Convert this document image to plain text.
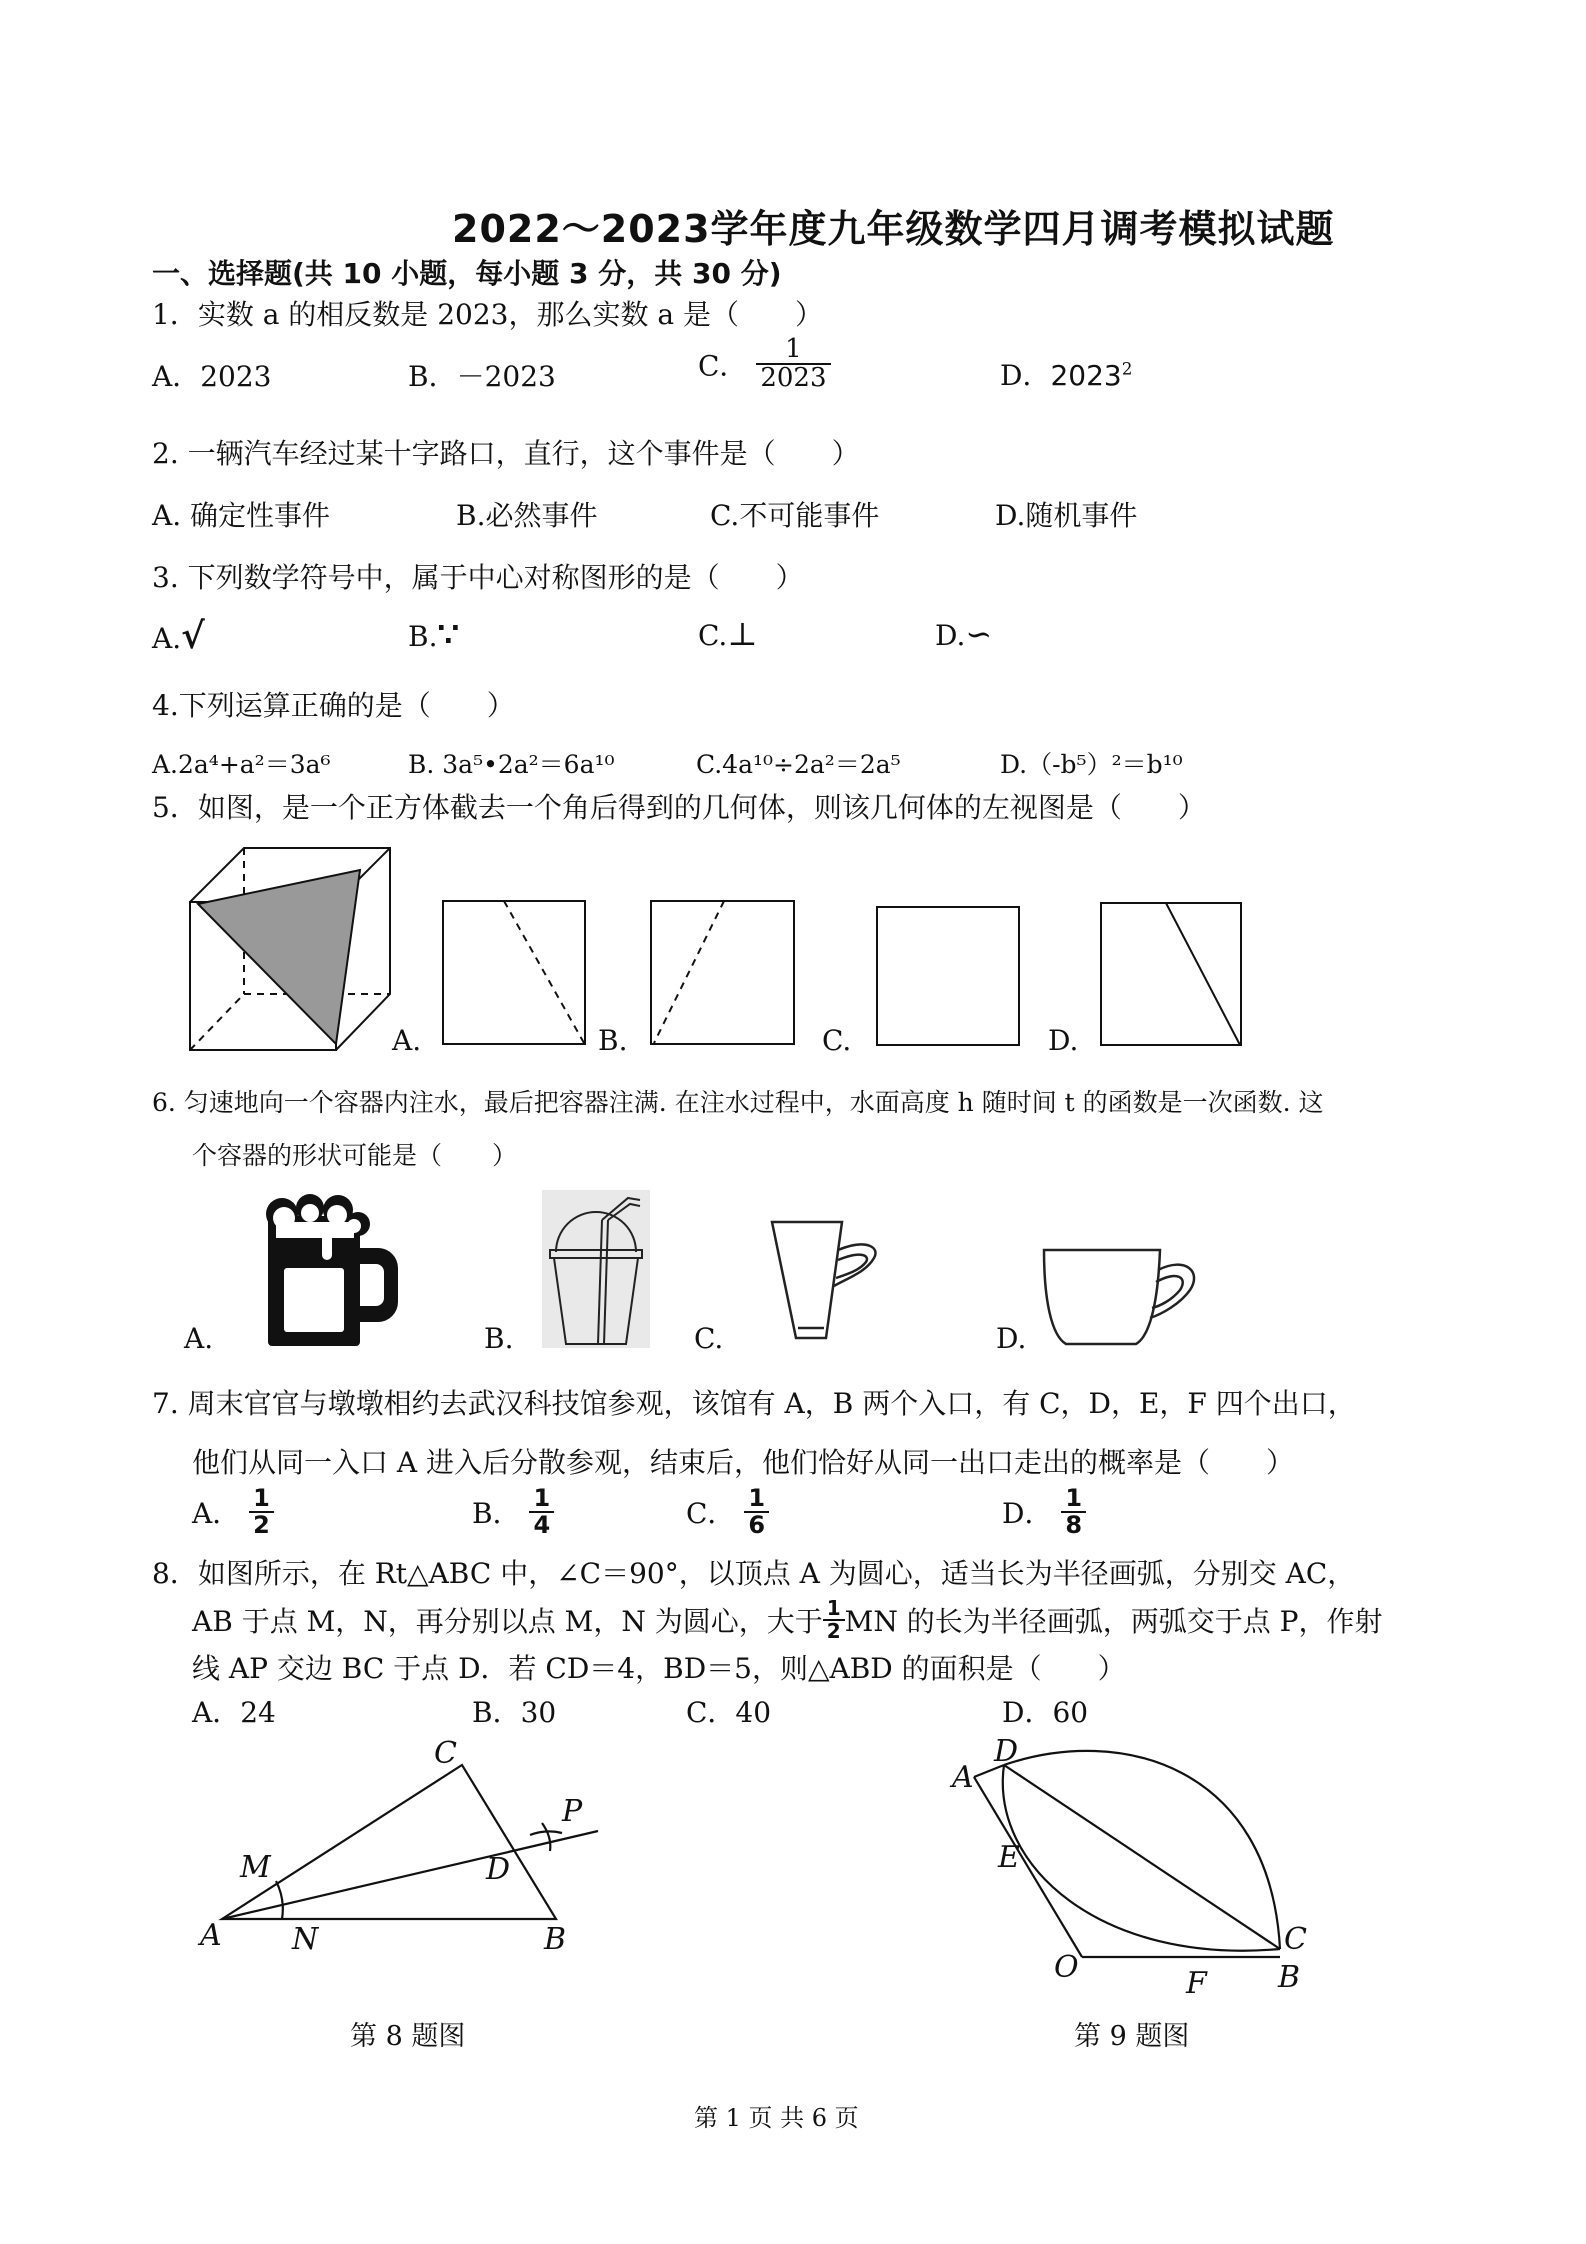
2022～2023学年度九年级数学四月调考模拟试题
一、选择题(共 10 小题，每小题 3 分，共 30 分)
1．实数 a 的相反数是 2023，那么实数 a 是（　　）
A．2023	B．－2023	C． $\frac{1}{2023}$	D．2023$^2$
2. 一辆汽车经过某十字路口，直行，这个事件是（　　）
A. 确定性事件	B.必然事件	C.不可能事件	D.随机事件
3. 下列数学符号中，属于中心对称图形的是（　　）
A.√	B.∵	C.⊥	D.∽
4.下列运算正确的是（　　）
A.2a⁴+a²＝3a⁶	B. 3a⁵•2a²＝6a¹⁰	C.4a¹⁰÷2a²＝2a⁵	D.（-b⁵）²＝b¹⁰
5．如图，是一个正方体截去一个角后得到的几何体，则该几何体的左视图是（　　）
A.	B.	C.	D.
6. 匀速地向一个容器内注水，最后把容器注满. 在注水过程中，水面高度 h 随时间 t 的函数是一次函数. 这
个容器的形状可能是（　　）
A.	B.	C.	D.
7. 周末官官与墩墩相约去武汉科技馆参观，该馆有 A，B 两个入口，有 C，D，E，F 四个出口，
他们从同一入口 A 进入后分散参观，结束后，他们恰好从同一出口走出的概率是（　　）
A． $\frac{1}{2}$	B． $\frac{1}{4}$	C． $\frac{1}{6}$	D． $\frac{1}{8}$
8．如图所示，在 Rt△ABC 中，∠C＝90°，以顶点 A 为圆心，适当长为半径画弧，分别交 AC，
AB 于点 M，N，再分别以点 M，N 为圆心，大于 $\frac{1}{2}$ MN 的长为半径画弧，两弧交于点 P，作射
线 AP 交边 BC 于点 D．若 CD＝4，BD＝5，则△ABD 的面积是（　　）
A．24	B．30	C．40	D．60
C
P
M	D
A N	B
第 8 题图
D
A
E
C
O	F B
第 9 题图
第 1 页 共 6 页
